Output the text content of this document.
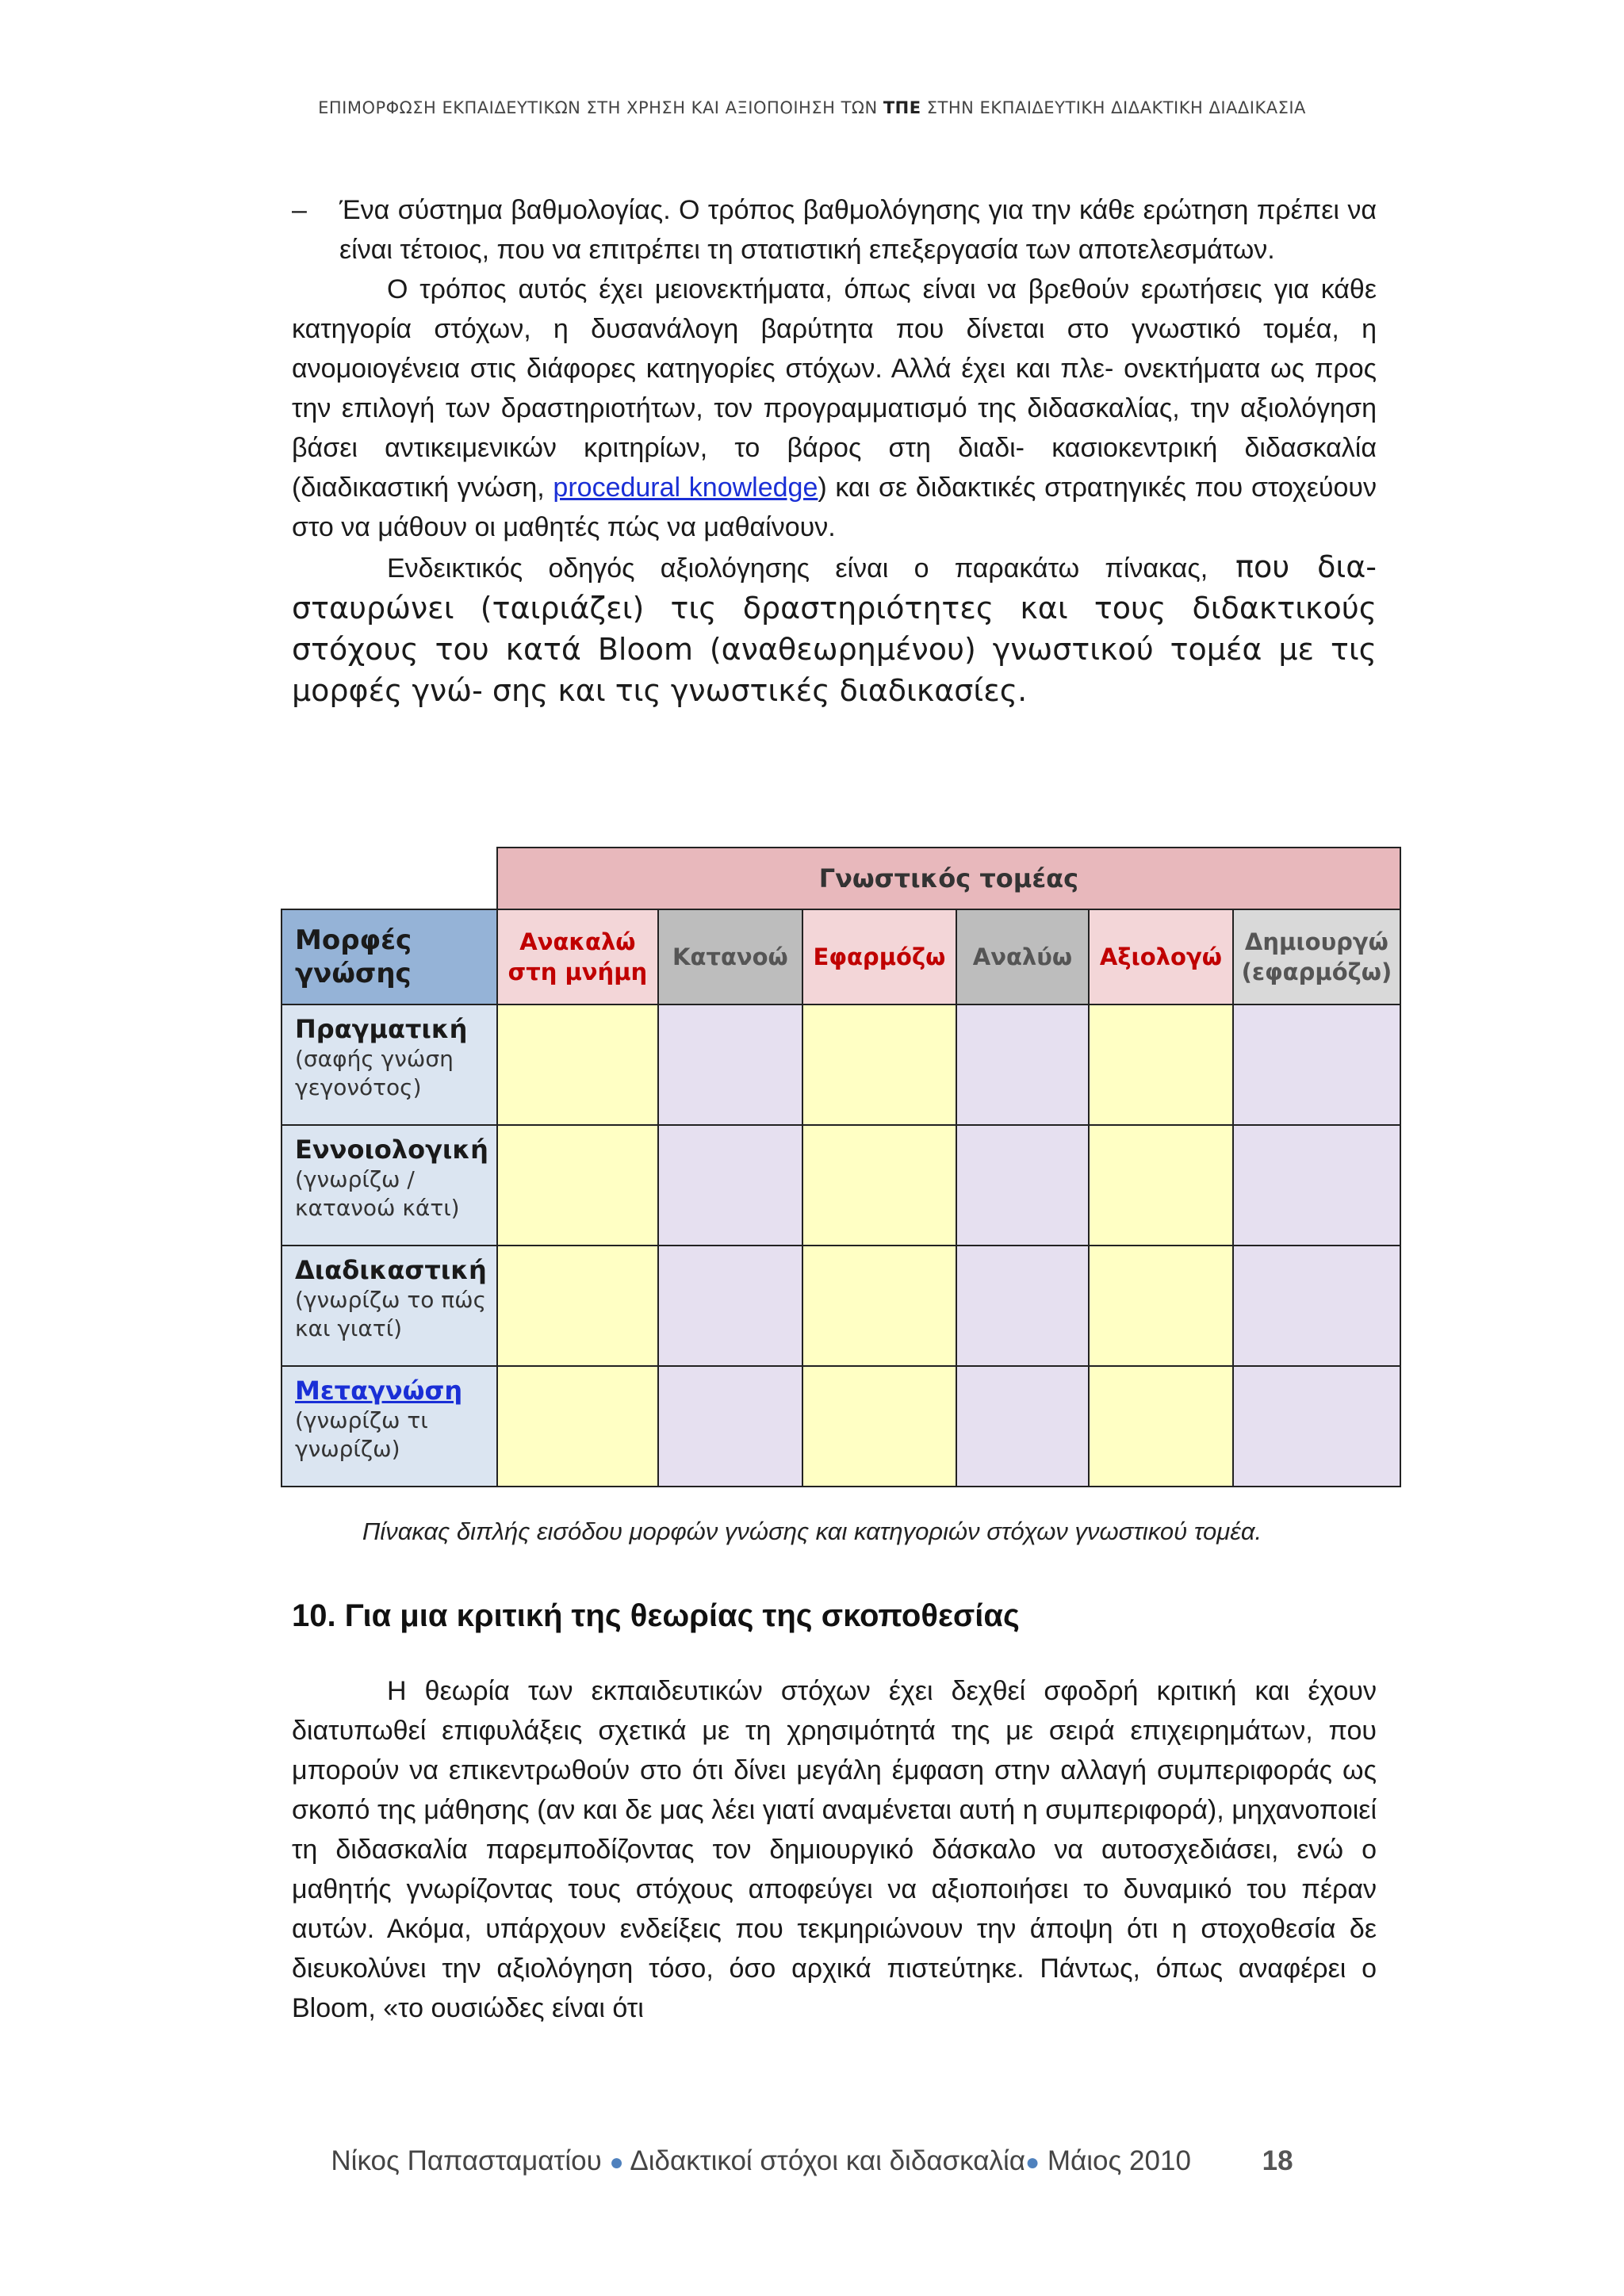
ΕΠΙΜΟΡΦΩΣΗ ΕΚΠΑΙΔΕΥΤΙΚΩΝ ΣΤΗ ΧΡΗΣΗ ΚΑΙ ΑΞΙΟΠΟΙΗΣΗ ΤΩΝ ΤΠΕ ΣΤΗΝ ΕΚΠΑΙΔΕΥΤΙΚΗ ΔΙΔΑΚΤΙΚΗ ΔΙΑΔΙΚΑΣΙΑ
– Ένα σύστημα βαθμολογίας. Ο τρόπος βαθμολόγησης για την κάθε ερώτηση πρέπει να είναι τέτοιος, που να επιτρέπει τη στατιστική επεξεργασία των αποτελεσμάτων.

Ο τρόπος αυτός έχει μειονεκτήματα, όπως είναι να βρεθούν ερωτήσεις για κάθε κατηγορία στόχων, η δυσανάλογη βαρύτητα που δίνεται στο γνωστικό τομέα, η ανομοιογένεια στις διάφορες κατηγορίες στόχων. Αλλά έχει και πλε- ονεκτήματα ως προς την επιλογή των δραστηριοτήτων, τον προγραμματισμό της διδασκαλίας, την αξιολόγηση βάσει αντικειμενικών κριτηρίων, το βάρος στη διαδι- κασιοκεντρική διδασκαλία (διαδικαστική γνώση, procedural knowledge) και σε διδακτικές στρατηγικές που στοχεύουν στο να μάθουν οι μαθητές πώς να μαθαίνουν.

Ενδεικτικός οδηγός αξιολόγησης είναι ο παρακάτω πίνακας, που δια- σταυρώνει (ταιριάζει) τις δραστηριότητες και τους διδακτικούς στόχους του κατά Bloom (αναθεωρημένου) γνωστικού τομέα με τις μορφές γνώ- σης και τις γνωστικές διαδικασίες.

	Γνωστικός τομέας					
Μορφές γνώσης	Ανακαλώ στη μνήμη	Κατανοώ	Εφαρμόζω	Αναλύω	Αξιολογώ	Δημιουργώ (εφαρμόζω)

Πραγματική
(σαφής γνώση γεγονότος)						

Εννοιολογική
(γνωρίζω / κατανοώ κάτι)						

Διαδικαστική
(γνωρίζω το πώς και γιατί)						

Μεταγνώση
(γνωρίζω τι γνωρίζω)						

Πίνακας διπλής εισόδου μορφών γνώσης και κατηγοριών στόχων γνωστικού τομέα.
10. Για μια κριτική της θεωρίας της σκοποθεσίας

Η θεωρία των εκπαιδευτικών στόχων έχει δεχθεί σφοδρή κριτική και έχουν διατυπωθεί επιφυλάξεις σχετικά με τη χρησιμότητά της με σειρά επιχειρημάτων, που μπορούν να επικεντρωθούν στο ότι δίνει μεγάλη έμφαση στην αλλαγή συμπεριφοράς ως σκοπό της μάθησης (αν και δε μας λέει γιατί αναμένεται αυτή η συμπεριφορά), μηχανοποιεί τη διδασκαλία παρεμποδίζοντας τον δημιουργικό δάσκαλο να αυτοσχεδιάσει, ενώ ο μαθητής γνωρίζοντας τους στόχους αποφεύγει να αξιοποιήσει το δυναμικό του πέραν αυτών. Ακόμα, υπάρχουν ενδείξεις που τεκμηριώνουν την άποψη ότι η στοχοθεσία δε διευκολύνει την αξιολόγηση τόσο, όσο αρχικά πιστεύτηκε. Πάντως, όπως αναφέρει ο Bloom, «το ουσιώδες είναι ότι

Νίκος Παπασταματίου ● Διδακτικοί στόχοι και διδασκαλία● Μάιος 2010	18
